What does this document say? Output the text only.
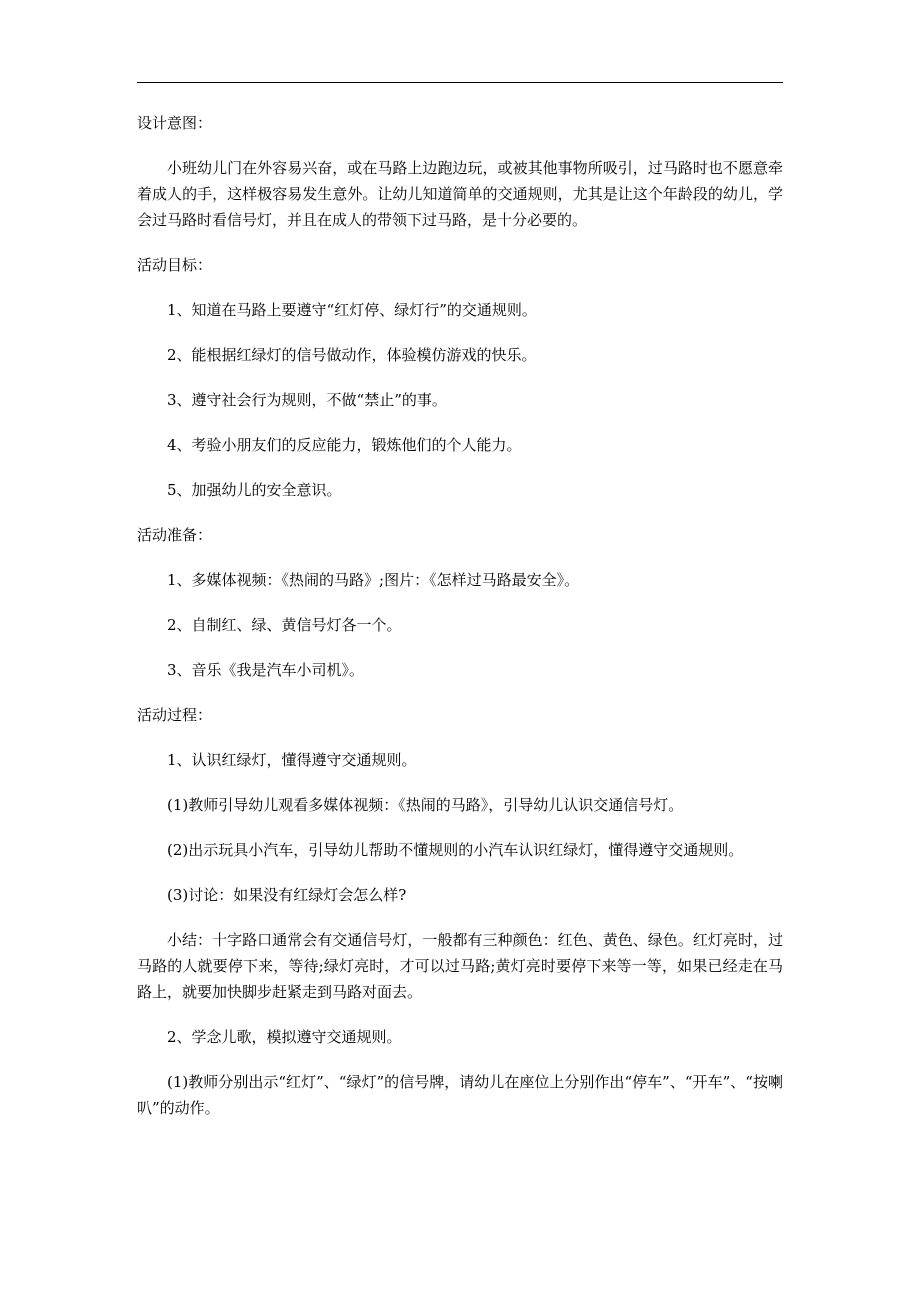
设计意图：

小班幼儿门在外容易兴奋，或在马路上边跑边玩，或被其他事物所吸引，过马路时也不愿意牵着成人的手，这样极容易发生意外。让幼儿知道简单的交通规则，尤其是让这个年龄段的幼儿，学会过马路时看信号灯，并且在成人的带领下过马路，是十分必要的。

活动目标：

1、知道在马路上要遵守“红灯停、绿灯行”的交通规则。

2、能根据红绿灯的信号做动作，体验模仿游戏的快乐。

3、遵守社会行为规则，不做“禁止”的事。

4、考验小朋友们的反应能力，锻炼他们的个人能力。

5、加强幼儿的安全意识。

活动准备：

1、多媒体视频：《热闹的马路》;图片：《怎样过马路最安全》。

2、自制红、绿、黄信号灯各一个。

3、音乐《我是汽车小司机》。

活动过程：

1、认识红绿灯，懂得遵守交通规则。

(1)教师引导幼儿观看多媒体视频：《热闹的马路》，引导幼儿认识交通信号灯。

(2)出示玩具小汽车，引导幼儿帮助不懂规则的小汽车认识红绿灯，懂得遵守交通规则。

(3)讨论：如果没有红绿灯会怎么样?

小结：十字路口通常会有交通信号灯，一般都有三种颜色：红色、黄色、绿色。红灯亮时，过马路的人就要停下来，等待;绿灯亮时，才可以过马路;黄灯亮时要停下来等一等，如果已经走在马路上，就要加快脚步赶紧走到马路对面去。

2、学念儿歌，模拟遵守交通规则。

(1)教师分别出示“红灯”、“绿灯”的信号牌，请幼儿在座位上分别作出“停车”、“开车”、“按喇叭”的动作。
